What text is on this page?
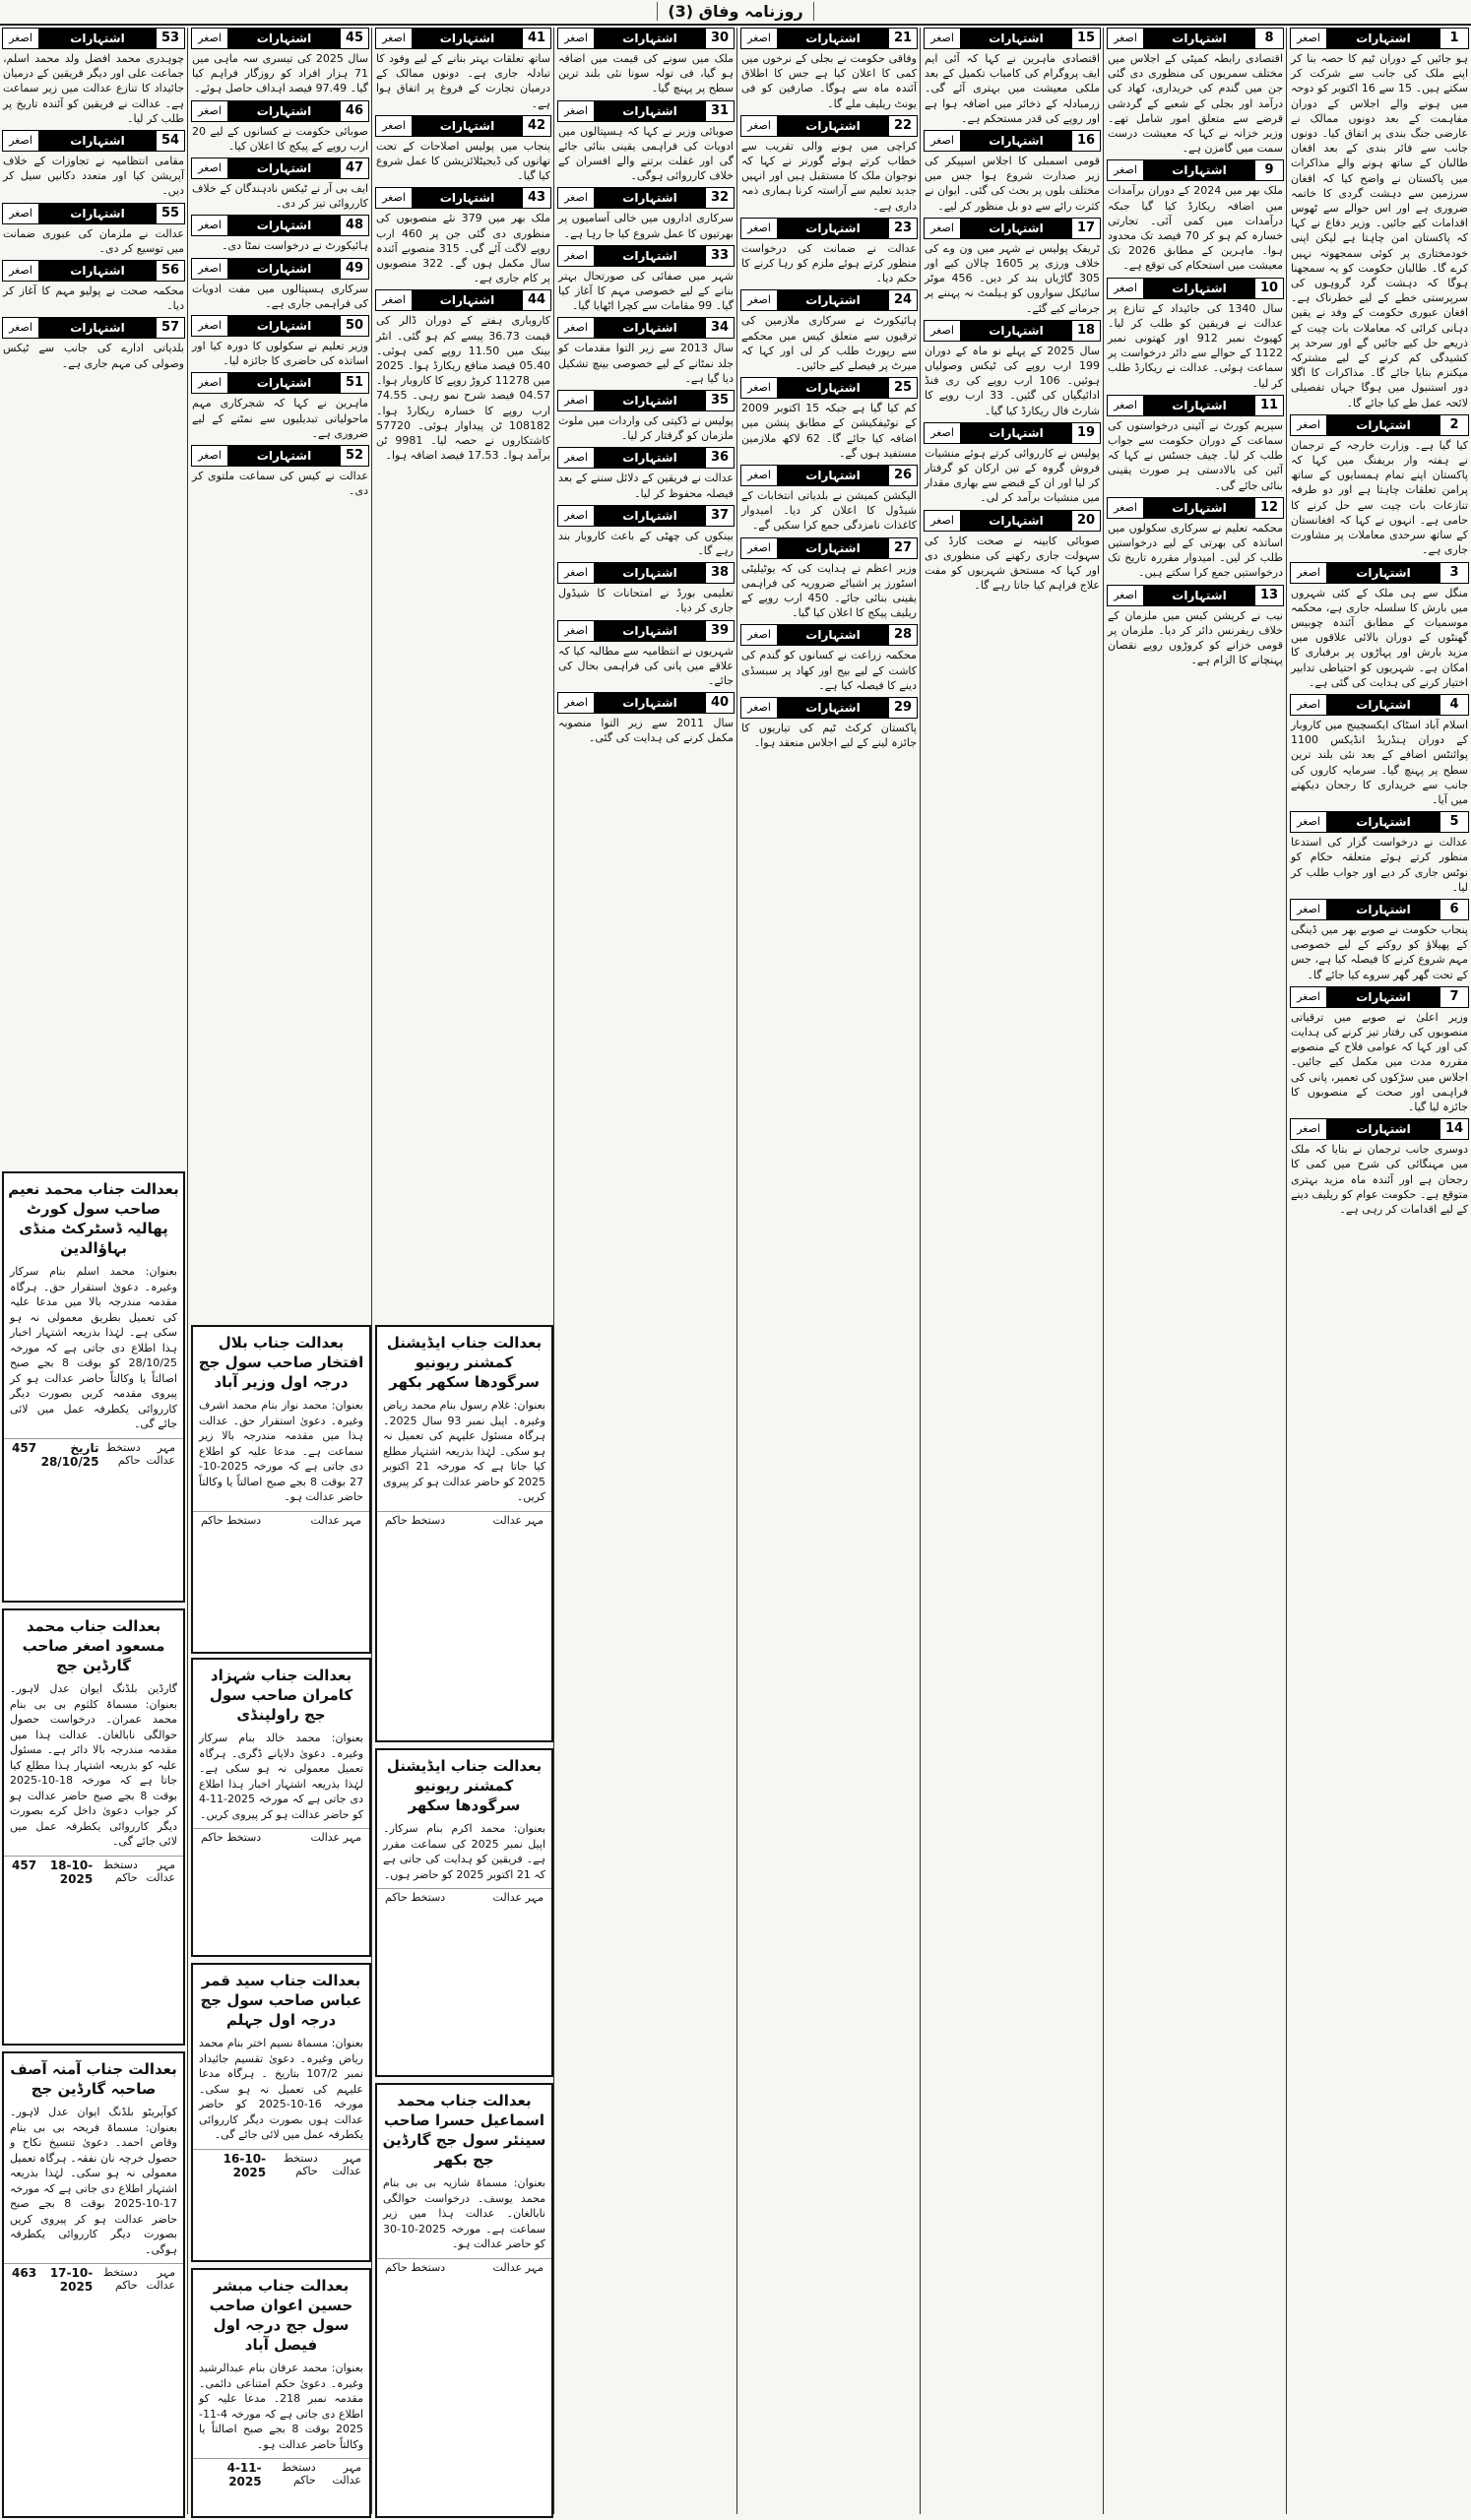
روزنامہ وفاق (3)
اصغر	اشتہارات	1
ہو جائیں کے دوران ٹیم کا حصہ بنا کر اپنے ملک کی جانب سے شرکت کر سکتے ہیں۔ 15 سے 16 اکتوبر کو دوحہ میں ہونے والے اجلاس کے دوران مفاہمت کے بعد دونوں ممالک نے عارضی جنگ بندی پر اتفاق کیا۔ دونوں جانب سے فائر بندی کے بعد افغان طالبان کے ساتھ ہونے والے مذاکرات میں پاکستان نے واضح کیا کہ افغان سرزمین سے دہشت گردی کا خاتمہ ضروری ہے اور اس حوالے سے ٹھوس اقدامات کیے جائیں۔ وزیر دفاع نے کہا کہ پاکستان امن چاہتا ہے لیکن اپنی خودمختاری پر کوئی سمجھوتہ نہیں کرے گا۔ طالبان حکومت کو یہ سمجھنا ہوگا کہ دہشت گرد گروہوں کی سرپرستی خطے کے لیے خطرناک ہے۔ افغان عبوری حکومت کے وفد نے یقین دہانی کرائی کہ معاملات بات چیت کے ذریعے حل کیے جائیں گے اور سرحد پر کشیدگی کم کرنے کے لیے مشترکہ میکنزم بنایا جائے گا۔ مذاکرات کا اگلا دور استنبول میں ہوگا جہاں تفصیلی لائحہ عمل طے کیا جائے گا۔
اصغر	اشتہارات	2
کیا گیا ہے۔ وزارت خارجہ کے ترجمان نے ہفتہ وار بریفنگ میں کہا کہ پاکستان اپنے تمام ہمسایوں کے ساتھ پرامن تعلقات چاہتا ہے اور دو طرفہ تنازعات بات چیت سے حل کرنے کا حامی ہے۔ انہوں نے کہا کہ افغانستان کے ساتھ سرحدی معاملات پر مشاورت جاری ہے۔
اصغر	اشتہارات	3
منگل سے ہی ملک کے کئی شہروں میں بارش کا سلسلہ جاری ہے، محکمہ موسمیات کے مطابق آئندہ چوبیس گھنٹوں کے دوران بالائی علاقوں میں مزید بارش اور پہاڑوں پر برفباری کا امکان ہے۔ شہریوں کو احتیاطی تدابیر اختیار کرنے کی ہدایت کی گئی ہے۔
اصغر	اشتہارات	4
اسلام آباد اسٹاک ایکسچینج میں کاروبار کے دوران ہنڈریڈ انڈیکس 1100 پوائنٹس اضافے کے بعد نئی بلند ترین سطح پر پہنچ گیا۔ سرمایہ کاروں کی جانب سے خریداری کا رجحان دیکھنے میں آیا۔
اصغر	اشتہارات	5
عدالت نے درخواست گزار کی استدعا منظور کرتے ہوئے متعلقہ حکام کو نوٹس جاری کر دیے اور جواب طلب کر لیا۔
اصغر	اشتہارات	6
پنجاب حکومت نے صوبے بھر میں ڈینگی کے پھیلاؤ کو روکنے کے لیے خصوصی مہم شروع کرنے کا فیصلہ کیا ہے، جس کے تحت گھر گھر سروے کیا جائے گا۔
اصغر	اشتہارات	7
وزیر اعلیٰ نے صوبے میں ترقیاتی منصوبوں کی رفتار تیز کرنے کی ہدایت کی اور کہا کہ عوامی فلاح کے منصوبے مقررہ مدت میں مکمل کیے جائیں۔ اجلاس میں سڑکوں کی تعمیر، پانی کی فراہمی اور صحت کے منصوبوں کا جائزہ لیا گیا۔
اصغر	اشتہارات	14
دوسری جانب ترجمان نے بتایا کہ ملک میں مہنگائی کی شرح میں کمی کا رجحان ہے اور آئندہ ماہ مزید بہتری متوقع ہے۔ حکومت عوام کو ریلیف دینے کے لیے اقدامات کر رہی ہے۔
اصغر	اشتہارات	8
اقتصادی رابطہ کمیٹی کے اجلاس میں مختلف سمریوں کی منظوری دی گئی جن میں گندم کی خریداری، کھاد کی درآمد اور بجلی کے شعبے کے گردشی قرضے سے متعلق امور شامل تھے۔ وزیر خزانہ نے کہا کہ معیشت درست سمت میں گامزن ہے۔
اصغر	اشتہارات	9
ملک بھر میں 2024 کے دوران برآمدات میں اضافہ ریکارڈ کیا گیا جبکہ درآمدات میں کمی آئی۔ تجارتی خسارہ کم ہو کر 70 فیصد تک محدود ہوا۔ ماہرین کے مطابق 2026 تک معیشت میں استحکام کی توقع ہے۔
اصغر	اشتہارات	10
سال 1340 کی جائیداد کے تنازع پر عدالت نے فریقین کو طلب کر لیا۔ کھیوٹ نمبر 912 اور کھتونی نمبر 1122 کے حوالے سے دائر درخواست پر سماعت ہوئی۔ عدالت نے ریکارڈ طلب کر لیا۔
اصغر	اشتہارات	11
سپریم کورٹ نے آئینی درخواستوں کی سماعت کے دوران حکومت سے جواب طلب کر لیا۔ چیف جسٹس نے کہا کہ آئین کی بالادستی ہر صورت یقینی بنائی جائے گی۔
اصغر	اشتہارات	12
محکمہ تعلیم نے سرکاری سکولوں میں اساتذہ کی بھرتی کے لیے درخواستیں طلب کر لیں۔ امیدوار مقررہ تاریخ تک درخواستیں جمع کرا سکتے ہیں۔
اصغر	اشتہارات	13
نیب نے کرپشن کیس میں ملزمان کے خلاف ریفرنس دائر کر دیا۔ ملزمان پر قومی خزانے کو کروڑوں روپے نقصان پہنچانے کا الزام ہے۔
اصغر	اشتہارات	15
اقتصادی ماہرین نے کہا کہ آئی ایم ایف پروگرام کی کامیاب تکمیل کے بعد ملکی معیشت میں بہتری آئے گی۔ زرمبادلہ کے ذخائر میں اضافہ ہوا ہے اور روپے کی قدر مستحکم ہے۔
اصغر	اشتہارات	16
قومی اسمبلی کا اجلاس اسپیکر کی زیر صدارت شروع ہوا جس میں مختلف بلوں پر بحث کی گئی۔ ایوان نے کثرت رائے سے دو بل منظور کر لیے۔
اصغر	اشتہارات	17
ٹریفک پولیس نے شہر میں ون وے کی خلاف ورزی پر 1605 چالان کیے اور 305 گاڑیاں بند کر دیں۔ 456 موٹر سائیکل سواروں کو ہیلمٹ نہ پہننے پر جرمانے کیے گئے۔
اصغر	اشتہارات	18
سال 2025 کے پہلے نو ماہ کے دوران 199 ارب روپے کی ٹیکس وصولیاں ہوئیں۔ 106 ارب روپے کی ری فنڈ ادائیگیاں کی گئیں۔ 33 ارب روپے کا شارٹ فال ریکارڈ کیا گیا۔
اصغر	اشتہارات	19
پولیس نے کارروائی کرتے ہوئے منشیات فروش گروہ کے تین ارکان کو گرفتار کر لیا اور ان کے قبضے سے بھاری مقدار میں منشیات برآمد کر لی۔
اصغر	اشتہارات	20
صوبائی کابینہ نے صحت کارڈ کی سہولت جاری رکھنے کی منظوری دی اور کہا کہ مستحق شہریوں کو مفت علاج فراہم کیا جاتا رہے گا۔
اصغر	اشتہارات	21
وفاقی حکومت نے بجلی کے نرخوں میں کمی کا اعلان کیا ہے جس کا اطلاق آئندہ ماہ سے ہوگا۔ صارفین کو فی یونٹ ریلیف ملے گا۔
اصغر	اشتہارات	22
کراچی میں ہونے والی تقریب سے خطاب کرتے ہوئے گورنر نے کہا کہ نوجوان ملک کا مستقبل ہیں اور انہیں جدید تعلیم سے آراستہ کرنا ہماری ذمہ داری ہے۔
اصغر	اشتہارات	23
عدالت نے ضمانت کی درخواست منظور کرتے ہوئے ملزم کو رہا کرنے کا حکم دیا۔
اصغر	اشتہارات	24
ہائیکورٹ نے سرکاری ملازمین کی ترقیوں سے متعلق کیس میں محکمے سے رپورٹ طلب کر لی اور کہا کہ میرٹ پر فیصلے کیے جائیں۔
اصغر	اشتہارات	25
کم کیا گیا ہے جبکہ 15 اکتوبر 2009 کے نوٹیفکیشن کے مطابق پنشن میں اضافہ کیا جائے گا۔ 62 لاکھ ملازمین مستفید ہوں گے۔
اصغر	اشتہارات	26
الیکشن کمیشن نے بلدیاتی انتخابات کے شیڈول کا اعلان کر دیا۔ امیدوار کاغذات نامزدگی جمع کرا سکیں گے۔
اصغر	اشتہارات	27
وزیر اعظم نے ہدایت کی کہ یوٹیلیٹی اسٹورز پر اشیائے ضروریہ کی فراہمی یقینی بنائی جائے۔ 450 ارب روپے کے ریلیف پیکج کا اعلان کیا گیا۔
اصغر	اشتہارات	28
محکمہ زراعت نے کسانوں کو گندم کی کاشت کے لیے بیج اور کھاد پر سبسڈی دینے کا فیصلہ کیا ہے۔
اصغر	اشتہارات	29
پاکستان کرکٹ ٹیم کی تیاریوں کا جائزہ لینے کے لیے اجلاس منعقد ہوا۔
اصغر	اشتہارات	30
ملک میں سونے کی قیمت میں اضافہ ہو گیا، فی تولہ سونا نئی بلند ترین سطح پر پہنچ گیا۔
اصغر	اشتہارات	31
صوبائی وزیر نے کہا کہ ہسپتالوں میں ادویات کی فراہمی یقینی بنائی جائے گی اور غفلت برتنے والے افسران کے خلاف کارروائی ہوگی۔
اصغر	اشتہارات	32
سرکاری اداروں میں خالی آسامیوں پر بھرتیوں کا عمل شروع کیا جا رہا ہے۔
اصغر	اشتہارات	33
شہر میں صفائی کی صورتحال بہتر بنانے کے لیے خصوصی مہم کا آغاز کیا گیا۔ 99 مقامات سے کچرا اٹھایا گیا۔
اصغر	اشتہارات	34
سال 2013 سے زیر التوا مقدمات کو جلد نمٹانے کے لیے خصوصی بینچ تشکیل دیا گیا ہے۔
اصغر	اشتہارات	35
پولیس نے ڈکیتی کی واردات میں ملوث ملزمان کو گرفتار کر لیا۔
اصغر	اشتہارات	36
عدالت نے فریقین کے دلائل سننے کے بعد فیصلہ محفوظ کر لیا۔
اصغر	اشتہارات	37
بینکوں کی چھٹی کے باعث کاروبار بند رہے گا۔
اصغر	اشتہارات	38
تعلیمی بورڈ نے امتحانات کا شیڈول جاری کر دیا۔
اصغر	اشتہارات	39
شہریوں نے انتظامیہ سے مطالبہ کیا کہ علاقے میں پانی کی فراہمی بحال کی جائے۔
اصغر	اشتہارات	40
سال 2011 سے زیر التوا منصوبہ مکمل کرنے کی ہدایت کی گئی۔
اصغر	اشتہارات	41
ساتھ تعلقات بہتر بنانے کے لیے وفود کا تبادلہ جاری ہے۔ دونوں ممالک کے درمیان تجارت کے فروغ پر اتفاق ہوا ہے۔
اصغر	اشتہارات	42
پنجاب میں پولیس اصلاحات کے تحت تھانوں کی ڈیجیٹلائزیشن کا عمل شروع کیا گیا۔
اصغر	اشتہارات	43
ملک بھر میں 379 نئے منصوبوں کی منظوری دی گئی جن پر 460 ارب روپے لاگت آئے گی۔ 315 منصوبے آئندہ سال مکمل ہوں گے۔ 322 منصوبوں پر کام جاری ہے۔
اصغر	اشتہارات	44
کاروباری ہفتے کے دوران ڈالر کی قیمت 36.73 پیسے کم ہو گئی۔ انٹر بینک میں 11.50 روپے کمی ہوئی۔ 05.40 فیصد منافع ریکارڈ ہوا۔ 2025 میں 11278 کروڑ روپے کا کاروبار ہوا۔ 04.57 فیصد شرح نمو رہی۔ 74.55 ارب روپے کا خسارہ ریکارڈ ہوا۔ 108182 ٹن پیداوار ہوئی۔ 57720 کاشتکاروں نے حصہ لیا۔ 9981 ٹن برآمد ہوا۔ 17.53 فیصد اضافہ ہوا۔
اصغر	اشتہارات	45
سال 2025 کی تیسری سہ ماہی میں 71 ہزار افراد کو روزگار فراہم کیا گیا۔ 97.49 فیصد اہداف حاصل ہوئے۔
اصغر	اشتہارات	46
صوبائی حکومت نے کسانوں کے لیے 20 ارب روپے کے پیکج کا اعلان کیا۔
اصغر	اشتہارات	47
ایف بی آر نے ٹیکس نادہندگان کے خلاف کارروائی تیز کر دی۔
اصغر	اشتہارات	48
ہائیکورٹ نے درخواست نمٹا دی۔
اصغر	اشتہارات	49
سرکاری ہسپتالوں میں مفت ادویات کی فراہمی جاری ہے۔
اصغر	اشتہارات	50
وزیر تعلیم نے سکولوں کا دورہ کیا اور اساتذہ کی حاضری کا جائزہ لیا۔
اصغر	اشتہارات	51
ماہرین نے کہا کہ شجرکاری مہم ماحولیاتی تبدیلیوں سے نمٹنے کے لیے ضروری ہے۔
اصغر	اشتہارات	52
عدالت نے کیس کی سماعت ملتوی کر دی۔
اصغر	اشتہارات	53
چوہدری محمد افضل ولد محمد اسلم، جماعت علی اور دیگر فریقین کے درمیان جائیداد کا تنازع عدالت میں زیر سماعت ہے۔ عدالت نے فریقین کو آئندہ تاریخ پر طلب کر لیا۔
اصغر	اشتہارات	54
مقامی انتظامیہ نے تجاوزات کے خلاف آپریشن کیا اور متعدد دکانیں سیل کر دیں۔
اصغر	اشتہارات	55
عدالت نے ملزمان کی عبوری ضمانت میں توسیع کر دی۔
اصغر	اشتہارات	56
محکمہ صحت نے پولیو مہم کا آغاز کر دیا۔
اصغر	اشتہارات	57
بلدیاتی ادارے کی جانب سے ٹیکس وصولی کی مہم جاری ہے۔
بعدالت جناب محمد نعیم صاحب سول کورٹ پھالیہ ڈسٹرکٹ منڈی بہاؤالدین
بعنوان: محمد اسلم بنام سرکار وغیرہ۔ دعویٰ استقرار حق۔ ہرگاہ مقدمہ مندرجہ بالا میں مدعا علیہ کی تعمیل بطریق معمولی نہ ہو سکی ہے۔ لہٰذا بذریعہ اشتہار اخبار ہذا اطلاع دی جاتی ہے کہ مورخہ 28/10/25 کو بوقت 8 بجے صبح اصالتاً یا وکالتاً حاضر عدالت ہو کر پیروی مقدمہ کریں بصورت دیگر کارروائی یکطرفہ عمل میں لائی جائے گی۔
مہر عدالت
دستخط حاکم
تاریخ 28/10/25
457
بعدالت جناب محمد مسعود اصغر صاحب گارڈین جج
گارڈین بلڈنگ ایوان عدل لاہور۔ بعنوان: مسماۃ کلثوم بی بی بنام محمد عمران۔ درخواست حصول حوالگی نابالغان۔ عدالت ہذا میں مقدمہ مندرجہ بالا دائر ہے۔ مسئول علیہ کو بذریعہ اشتہار ہذا مطلع کیا جاتا ہے کہ مورخہ 18-10-2025 بوقت 8 بجے صبح حاضر عدالت ہو کر جواب دعویٰ داخل کرے بصورت دیگر کارروائی یکطرفہ عمل میں لائی جائے گی۔
مہر عدالت
دستخط حاکم
18-10-2025
457
بعدالت جناب آمنہ آصف صاحبہ گارڈین جج
کوآپریٹو بلڈنگ ایوان عدل لاہور۔ بعنوان: مسماۃ فریحہ بی بی بنام وقاص احمد۔ دعویٰ تنسیخ نکاح و حصول خرچہ نان نفقہ۔ ہرگاہ تعمیل معمولی نہ ہو سکی۔ لہٰذا بذریعہ اشتہار اطلاع دی جاتی ہے کہ مورخہ 17-10-2025 بوقت 8 بجے صبح حاضر عدالت ہو کر پیروی کریں بصورت دیگر کارروائی یکطرفہ ہوگی۔
مہر عدالت
دستخط حاکم
17-10-2025
463
بعدالت جناب بلال افتخار صاحب سول جج درجہ اول وزیر آباد
بعنوان: محمد نواز بنام محمد اشرف وغیرہ۔ دعویٰ استقرار حق۔ عدالت ہذا میں مقدمہ مندرجہ بالا زیر سماعت ہے۔ مدعا علیہ کو اطلاع دی جاتی ہے کہ مورخہ 2025-10-27 بوقت 8 بجے صبح اصالتاً یا وکالتاً حاضر عدالت ہو۔
مہر عدالت
دستخط حاکم
بعدالت جناب شہزاد کامران صاحب سول جج راولپنڈی
بعنوان: محمد خالد بنام سرکار وغیرہ۔ دعویٰ دلاپانے ڈگری۔ ہرگاہ تعمیل معمولی نہ ہو سکی ہے۔ لہٰذا بذریعہ اشتہار اخبار ہذا اطلاع دی جاتی ہے کہ مورخہ 2025-11-4 کو حاضر عدالت ہو کر پیروی کریں۔
مہر عدالت
دستخط حاکم
بعدالت جناب سید قمر عباس صاحب سول جج درجہ اول جہلم
بعنوان: مسماۃ نسیم اختر بنام محمد ریاض وغیرہ۔ دعویٰ تقسیم جائیداد نمبر 107/2 بتاریخ ۔ ہرگاہ مدعا علیہم کی تعمیل نہ ہو سکی۔ مورخہ 16-10-2025 کو حاضر عدالت ہوں بصورت دیگر کارروائی یکطرفہ عمل میں لائی جائے گی۔
مہر عدالت
دستخط حاکم
16-10-2025
بعدالت جناب مبشر حسین اعوان صاحب سول جج درجہ اول فیصل آباد
بعنوان: محمد عرفان بنام عبدالرشید وغیرہ۔ دعویٰ حکم امتناعی دائمی۔ مقدمہ نمبر 218۔ مدعا علیہ کو اطلاع دی جاتی ہے کہ مورخہ 4-11-2025 بوقت 8 بجے صبح اصالتاً یا وکالتاً حاضر عدالت ہو۔
مہر عدالت
دستخط حاکم
4-11-2025
بعدالت جناب ایڈیشنل کمشنر ریونیو سرگودھا سکھر بکھر
بعنوان: غلام رسول بنام محمد ریاض وغیرہ۔ اپیل نمبر 93 سال 2025۔ ہرگاہ مسئول علیہم کی تعمیل نہ ہو سکی۔ لہٰذا بذریعہ اشتہار مطلع کیا جاتا ہے کہ مورخہ 21 اکتوبر 2025 کو حاضر عدالت ہو کر پیروی کریں۔
مہر عدالت
دستخط حاکم
بعدالت جناب ایڈیشنل کمشنر ریونیو سرگودھا سکھر
بعنوان: محمد اکرم بنام سرکار۔ اپیل نمبر 2025 کی سماعت مقرر ہے۔ فریقین کو ہدایت کی جاتی ہے کہ 21 اکتوبر 2025 کو حاضر ہوں۔
مہر عدالت
دستخط حاکم
بعدالت جناب محمد اسماعیل حسرا صاحب سینئر سول جج گارڈین جج بکھر
بعنوان: مسماۃ شازیہ بی بی بنام محمد یوسف۔ درخواست حوالگی نابالغان۔ عدالت ہذا میں زیر سماعت ہے۔ مورخہ 2025-10-30 کو حاضر عدالت ہو۔
مہر عدالت
دستخط حاکم
